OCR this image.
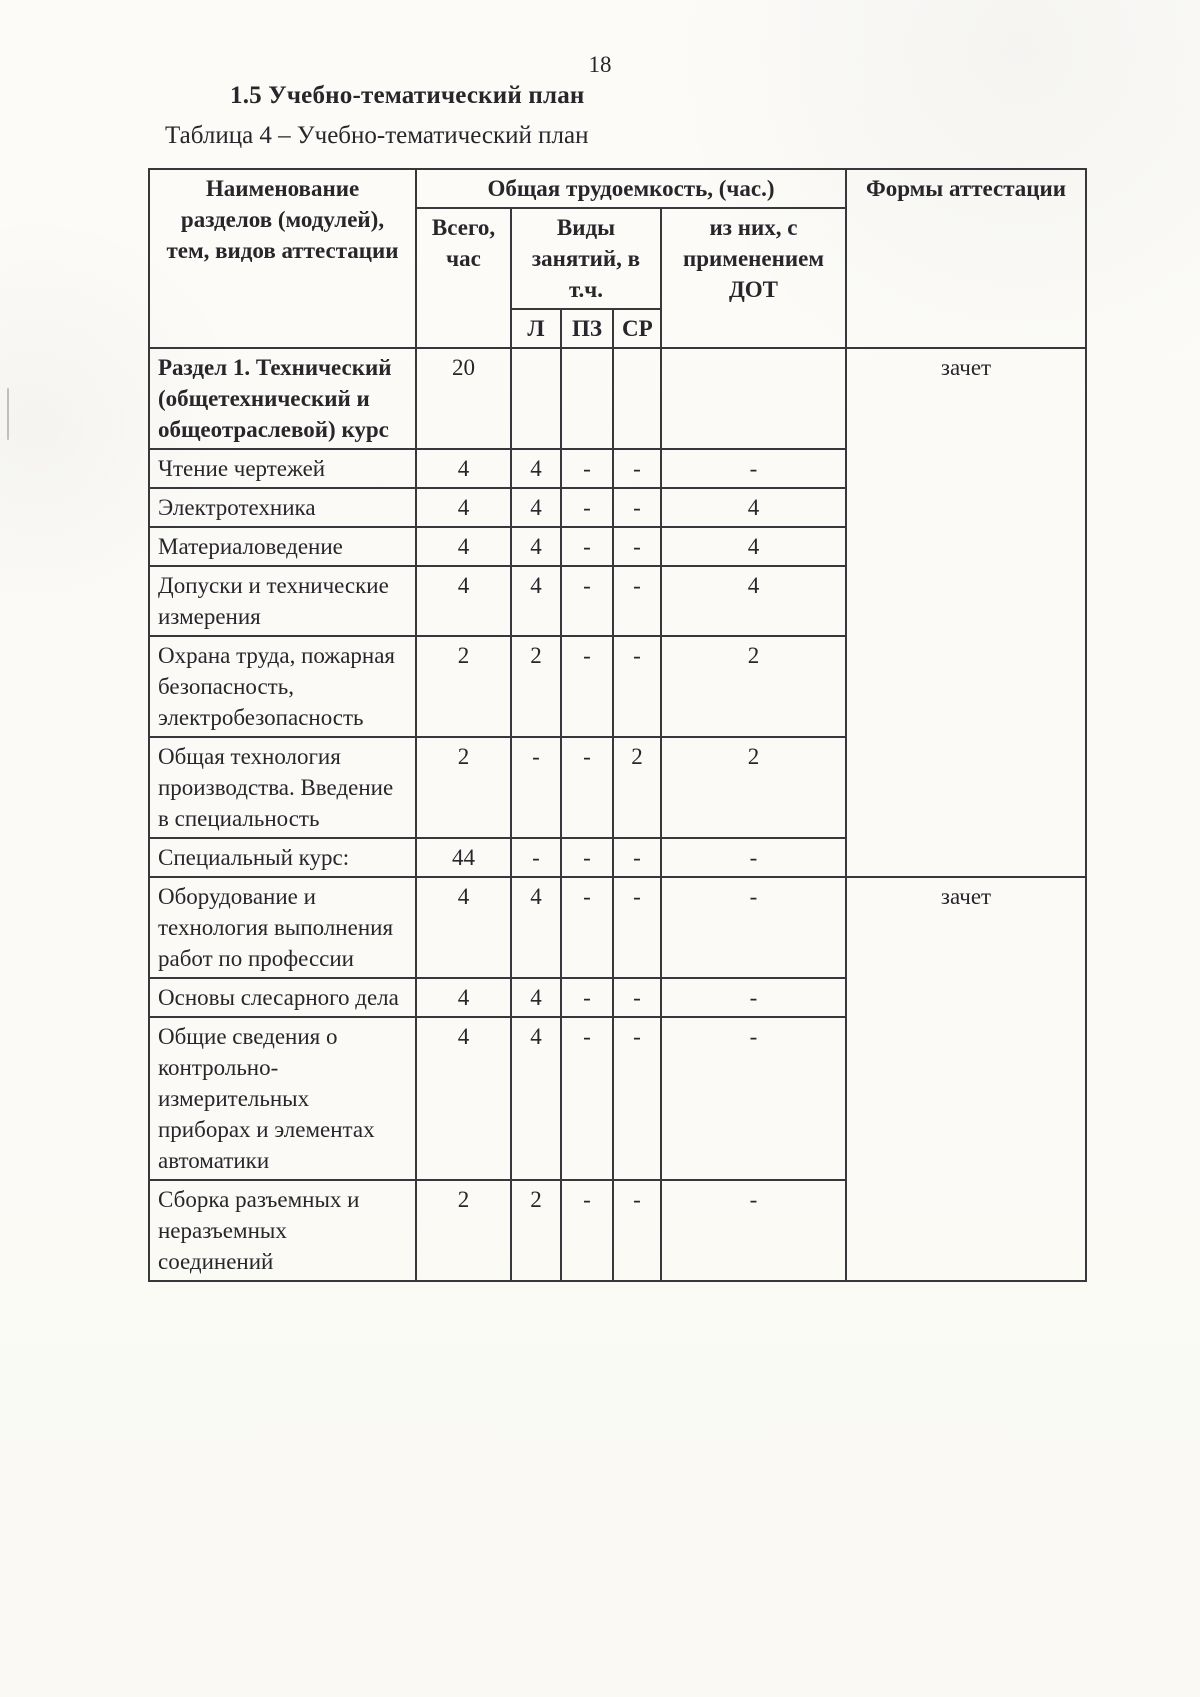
18
1.5 Учебно-тематический план
Таблица 4 – Учебно-тематический план
Наименование разделов (модулей), тем, видов аттестации	Общая трудоемкость, (час.)					Формы аттестации
	Всего, час	Виды занятий, в т.ч.			из них, с применением ДОТ	
		Л	ПЗ	СР		
Раздел 1. Технический (общетехнический и общеотраслевой) курс	20					зачет
Чтение чертежей	4	4	-	-	-	
Электротехника	4	4	-	-	4	
Материаловедение	4	4	-	-	4	
Допуски и технические измерения	4	4	-	-	4	
Охрана труда, пожарная безопасность, электробезопасность	2	2	-	-	2	
Общая технология производства. Введение в специальность	2	-	-	2	2	
Специальный курс:	44	-	-	-	-	
Оборудование и технология выполнения работ по профессии	4	4	-	-	-	зачет
Основы слесарного дела	4	4	-	-	-	
Общие сведения о контрольно-измерительных приборах и элементах автоматики	4	4	-	-	-	
Сборка разъемных и неразъемных соединений	2	2	-	-	-	
